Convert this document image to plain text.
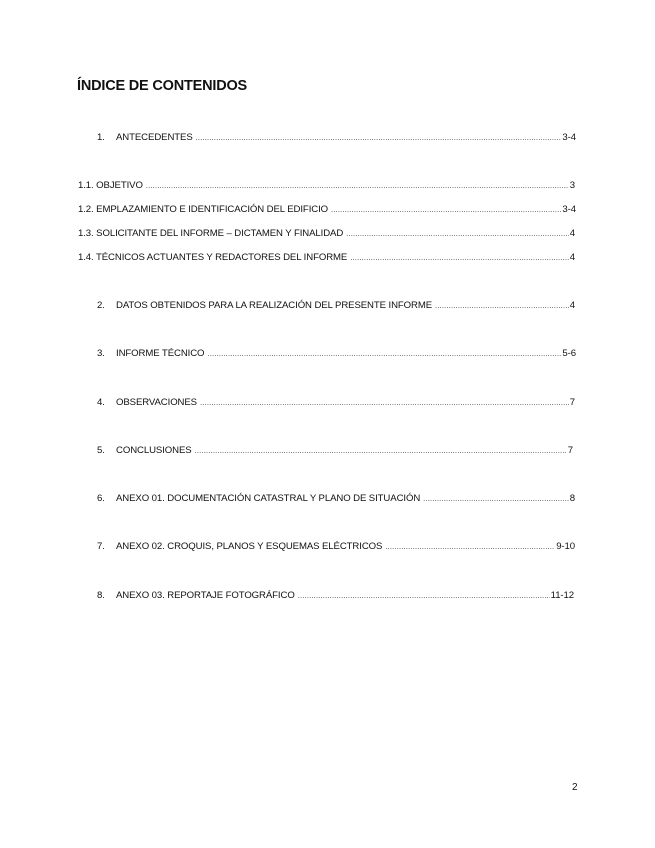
ÍNDICE DE CONTENIDOS
1.	ANTECEDENTES .....	3-4
1.1. OBJETIVO .....	3
1.2. EMPLAZAMIENTO E IDENTIFICACIÓN DEL EDIFICIO .....	3-4
1.3. SOLICITANTE DEL INFORME – DICTAMEN Y FINALIDAD .....	4
1.4. TÉCNICOS ACTUANTES Y REDACTORES DEL INFORME .....	4
2.	DATOS OBTENIDOS PARA LA REALIZACIÓN DEL PRESENTE INFORME .....	4
3.	INFORME TÉCNICO .....	5-6
4.	OBSERVACIONES .....	7
5.	CONCLUSIONES .....	7
6.	ANEXO 01. DOCUMENTACIÓN CATASTRAL Y PLANO DE SITUACIÓN .....	8
7.	ANEXO 02. CROQUIS, PLANOS Y ESQUEMAS ELÉCTRICOS .....	9-10
8.	ANEXO 03. REPORTAJE FOTOGRÁFICO .....	11-12
2
